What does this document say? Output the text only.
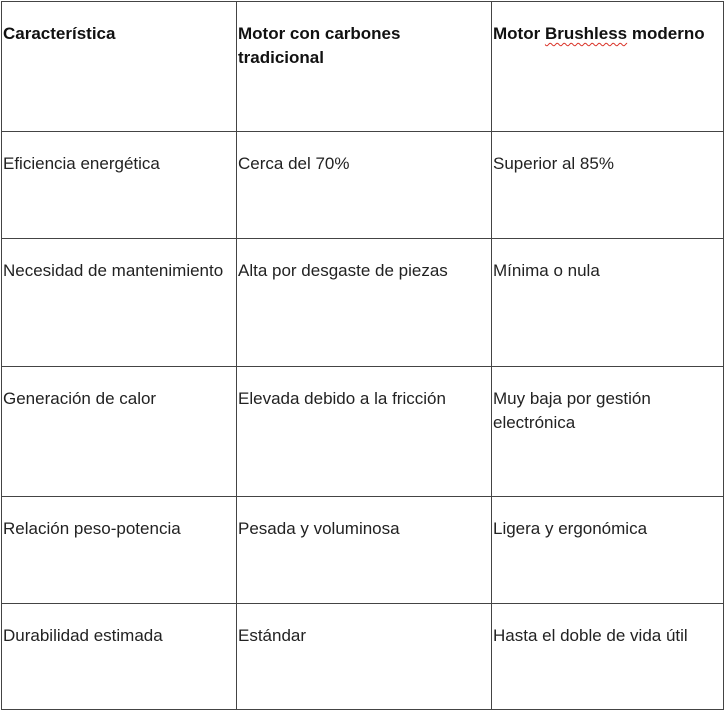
Característica	Motor con carbones tradicional	Motor Brushless moderno
Eficiencia energética	Cerca del 70%	Superior al 85%
Necesidad de mantenimiento	Alta por desgaste de piezas	Mínima o nula
Generación de calor	Elevada debido a la fricción	Muy baja por gestión electrónica
Relación peso-potencia	Pesada y voluminosa	Ligera y ergonómica
Durabilidad estimada	Estándar	Hasta el doble de vida útil
